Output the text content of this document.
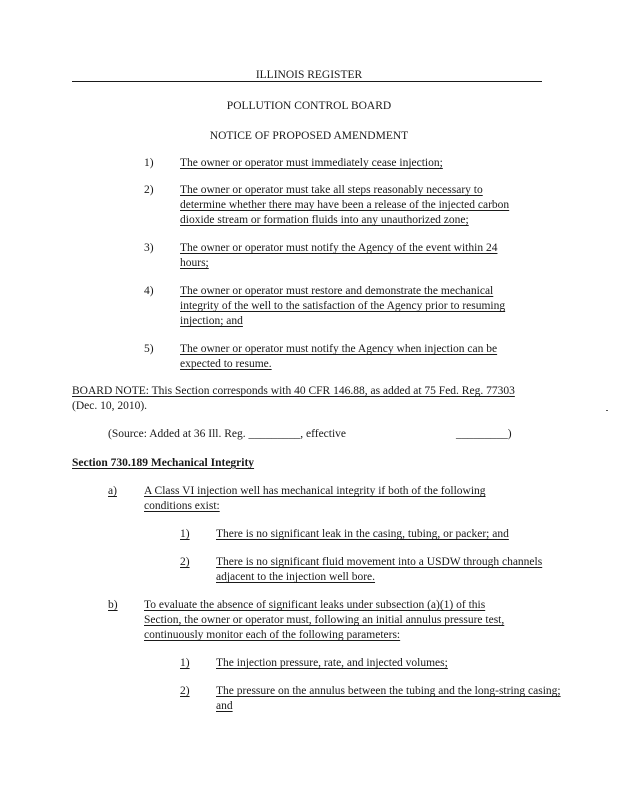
ILLINOIS REGISTER
POLLUTION CONTROL BOARD
NOTICE OF PROPOSED AMENDMENT
1) The owner or operator must immediately cease injection;
2) The owner or operator must take all steps reasonably necessary to
determine whether there may have been a release of the injected carbon
dioxide stream or formation fluids into any unauthorized zone;
3) The owner or operator must notify the Agency of the event within 24
hours;
4) The owner or operator must restore and demonstrate the mechanical
integrity of the well to the satisfaction of the Agency prior to resuming
injection; and
5) The owner or operator must notify the Agency when injection can be
expected to resume.
BOARD NOTE: This Section corresponds with 40 CFR 146.88, as added at 75 Fed. Reg. 77303
(Dec. 10, 2010).
(Source: Added at 36 Ill. Reg. _________, effective	_________)
Section 730.189 Mechanical Integrity
a) A Class VI injection well has mechanical integrity if both of the following
conditions exist:
1) There is no significant leak in the casing, tubing, or packer; and
2) There is no significant fluid movement into a USDW through channels
adjacent to the injection well bore.
b) To evaluate the absence of significant leaks under subsection (a)(1) of this
Section, the owner or operator must, following an initial annulus pressure test,
continuously monitor each of the following parameters:
1) The injection pressure, rate, and injected volumes;
2) The pressure on the annulus between the tubing and the long-string casing;
and
